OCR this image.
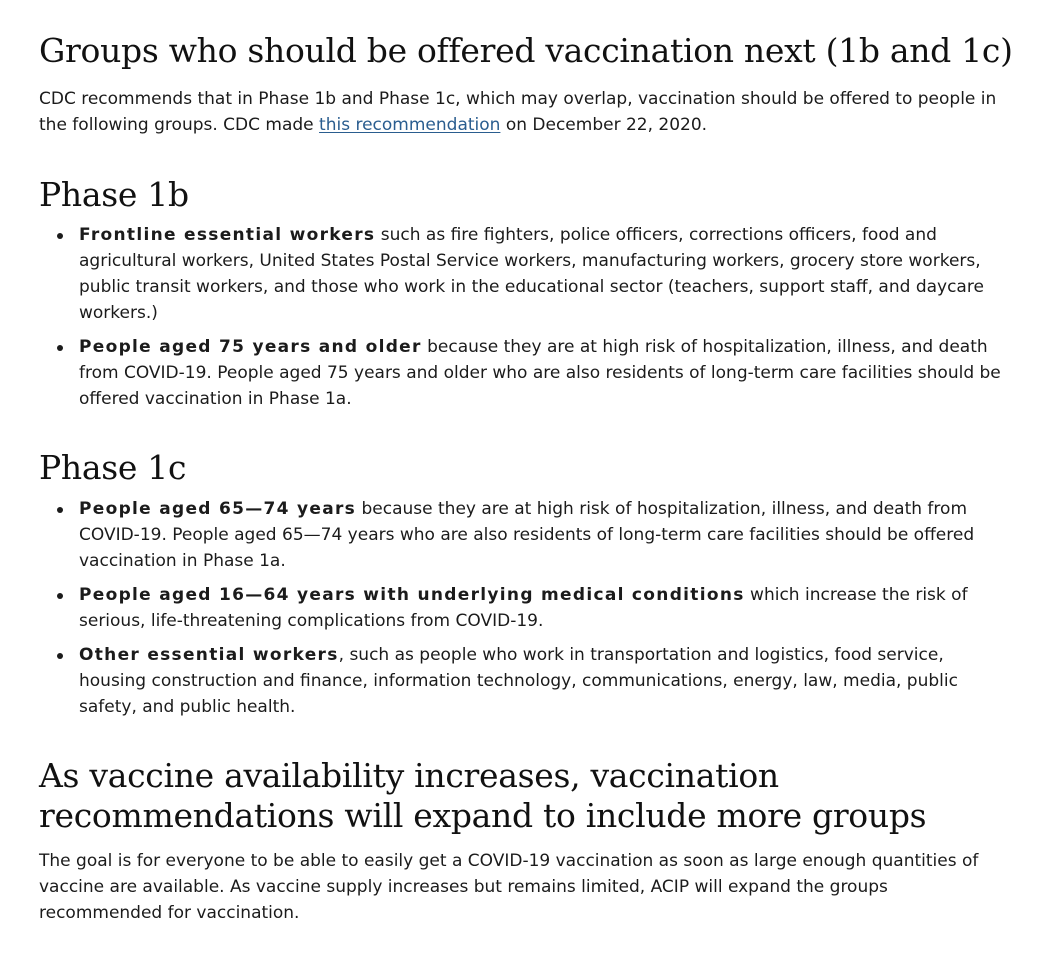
Groups who should be offered vaccination next (1b and 1c)

CDC recommends that in Phase 1b and Phase 1c, which may overlap, vaccination should be offered to people in the following groups. CDC made this recommendation on December 22, 2020.

Phase 1b
Frontline essential workers such as fire fighters, police officers, corrections officers, food and agricultural workers, United States Postal Service workers, manufacturing workers, grocery store workers, public transit workers, and those who work in the educational sector (teachers, support staff, and daycare workers.)
People aged 75 years and older because they are at high risk of hospitalization, illness, and death from COVID-19. People aged 75 years and older who are also residents of long-term care facilities should be offered vaccination in Phase 1a.
Phase 1c
People aged 65—74 years because they are at high risk of hospitalization, illness, and death from COVID-19. People aged 65—74 years who are also residents of long-term care facilities should be offered vaccination in Phase 1a.
People aged 16—64 years with underlying medical conditions which increase the risk of serious, life-threatening complications from COVID-19.
Other essential workers, such as people who work in transportation and logistics, food service, housing construction and finance, information technology, communications, energy, law, media, public safety, and public health.
As vaccine availability increases, vaccination recommendations will expand to include more groups

The goal is for everyone to be able to easily get a COVID-19 vaccination as soon as large enough quantities of vaccine are available. As vaccine supply increases but remains limited, ACIP will expand the groups recommended for vaccination.
